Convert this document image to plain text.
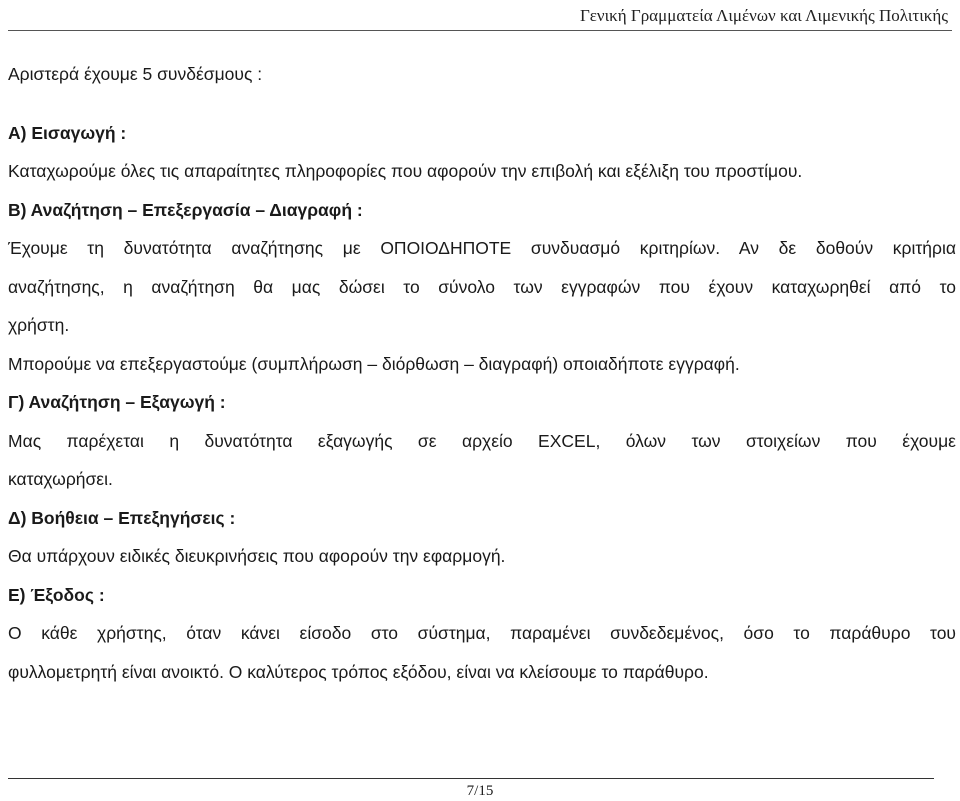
Γενική Γραμματεία Λιμένων και Λιμενικής Πολιτικής
Αριστερά έχουμε 5 συνδέσμους :
Α) Εισαγωγή :
Καταχωρούμε όλες τις απαραίτητες πληροφορίες που αφορούν την επιβολή και εξέλιξη του προστίμου.
Β) Αναζήτηση – Επεξεργασία – Διαγραφή :
Έχουμε τη δυνατότητα αναζήτησης με ΟΠΟΙΟΔΗΠΟΤΕ συνδυασμό κριτηρίων. Αν δε δοθούν κριτήρια
αναζήτησης, η αναζήτηση θα μας δώσει το σύνολο των εγγραφών που έχουν καταχωρηθεί από το
χρήστη.
Μπορούμε να επεξεργαστούμε (συμπλήρωση – διόρθωση – διαγραφή) οποιαδήποτε εγγραφή.
Γ) Αναζήτηση – Εξαγωγή :
Μας παρέχεται η δυνατότητα εξαγωγής σε αρχείο EXCEL, όλων των στοιχείων που έχουμε
καταχωρήσει.
Δ) Βοήθεια – Επεξηγήσεις :
Θα υπάρχουν ειδικές διευκρινήσεις που αφορούν την εφαρμογή.
Ε) Έξοδος :
Ο κάθε χρήστης, όταν κάνει είσοδο στο σύστημα, παραμένει συνδεδεμένος, όσο το παράθυρο του
φυλλομετρητή είναι ανοικτό. Ο καλύτερος τρόπος εξόδου, είναι να κλείσουμε το παράθυρο.
7/15
